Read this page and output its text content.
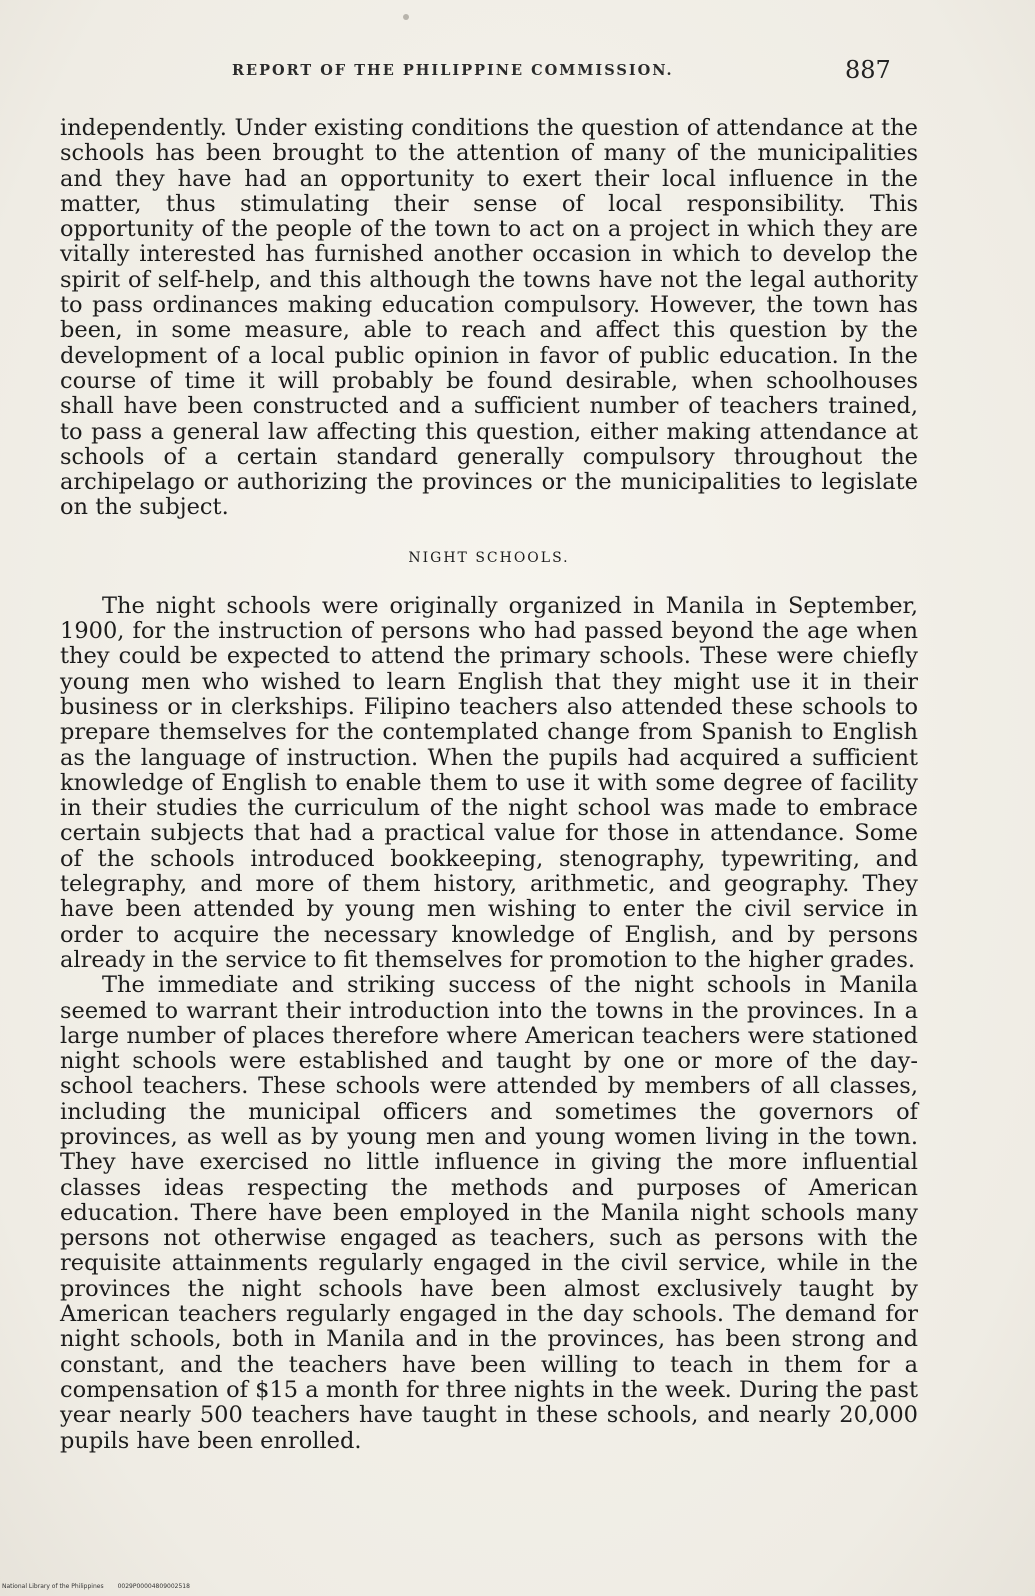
REPORT OF THE PHILIPPINE COMMISSION.	887

independently. Under existing conditions the question of attendance at the schools has been brought to the attention of many of the municipalities and they have had an opportunity to exert their local influence in the matter, thus stimulating their sense of local responsibility. This opportunity of the people of the town to act on a project in which they are vitally interested has furnished another occasion in which to develop the spirit of self-help, and this although the towns have not the legal authority to pass ordinances making education compulsory. However, the town has been, in some measure, able to reach and affect this question by the development of a local public opinion in favor of public education. In the course of time it will probably be found desirable, when schoolhouses shall have been constructed and a sufficient number of teachers trained, to pass a general law affecting this question, either making attendance at schools of a certain standard generally compulsory throughout the archipelago or authorizing the provinces or the municipalities to legislate on the subject.

NIGHT SCHOOLS.

The night schools were originally organized in Manila in September, 1900, for the instruction of persons who had passed beyond the age when they could be expected to attend the primary schools. These were chiefly young men who wished to learn English that they might use it in their business or in clerkships. Filipino teachers also attended these schools to prepare themselves for the contemplated change from Spanish to English as the language of instruction. When the pupils had acquired a sufficient knowledge of English to enable them to use it with some degree of facility in their studies the curriculum of the night school was made to embrace certain subjects that had a practical value for those in attendance. Some of the schools introduced bookkeeping, stenography, typewriting, and telegraphy, and more of them history, arithmetic, and geography. They have been attended by young men wishing to enter the civil service in order to acquire the necessary knowledge of English, and by persons already in the service to fit themselves for promotion to the higher grades.

The immediate and striking success of the night schools in Manila seemed to warrant their introduction into the towns in the provinces. In a large number of places therefore where American teachers were stationed night schools were established and taught by one or more of the day-school teachers. These schools were attended by members of all classes, including the municipal officers and sometimes the governors of provinces, as well as by young men and young women living in the town. They have exercised no little influence in giving the more influential classes ideas respecting the methods and purposes of American education. There have been employed in the Manila night schools many persons not otherwise engaged as teachers, such as persons with the requisite attainments regularly engaged in the civil service, while in the provinces the night schools have been almost exclusively taught by American teachers regularly engaged in the day schools. The demand for night schools, both in Manila and in the provinces, has been strong and constant, and the teachers have been willing to teach in them for a compensation of $15 a month for three nights in the week. During the past year nearly 500 teachers have taught in these schools, and nearly 20,000 pupils have been enrolled.

National Library of the Philippines 0029P00004809002518
